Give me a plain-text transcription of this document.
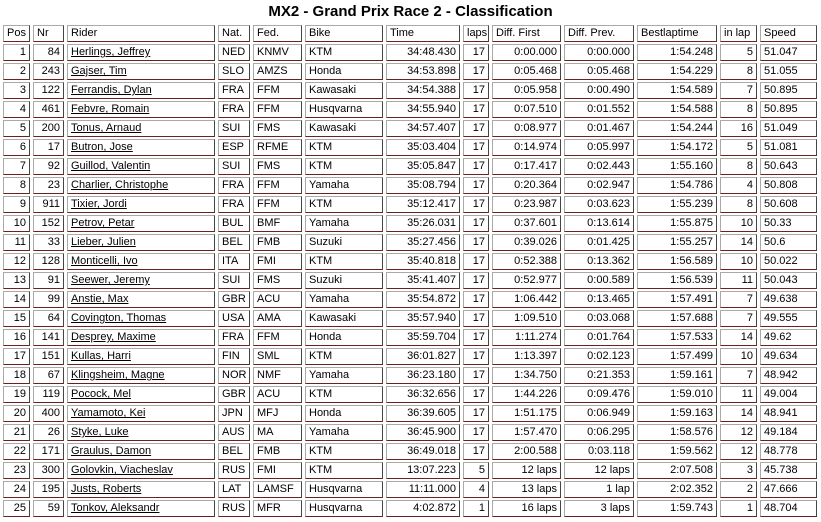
MX2 - Grand Prix Race 2 - Classification
Pos	Nr	Rider	Nat.	Fed.	Bike	Time	laps	Diff. First	Diff. Prev.	Bestlaptime	in lap	Speed
1	84	Herlings, Jeffrey	NED	KNMV	KTM	34:48.430	17	0:00.000	0:00.000	1:54.248	5	51.047
2	243	Gajser, Tim	SLO	AMZS	Honda	34:53.898	17	0:05.468	0:05.468	1:54.229	8	51.055
3	122	Ferrandis, Dylan	FRA	FFM	Kawasaki	34:54.388	17	0:05.958	0:00.490	1:54.589	7	50.895
4	461	Febvre, Romain	FRA	FFM	Husqvarna	34:55.940	17	0:07.510	0:01.552	1:54.588	8	50.895
5	200	Tonus, Arnaud	SUI	FMS	Kawasaki	34:57.407	17	0:08.977	0:01.467	1:54.244	16	51.049
6	17	Butron, Jose	ESP	RFME	KTM	35:03.404	17	0:14.974	0:05.997	1:54.172	5	51.081
7	92	Guillod, Valentin	SUI	FMS	KTM	35:05.847	17	0:17.417	0:02.443	1:55.160	8	50.643
8	23	Charlier, Christophe	FRA	FFM	Yamaha	35:08.794	17	0:20.364	0:02.947	1:54.786	4	50.808
9	911	Tixier, Jordi	FRA	FFM	KTM	35:12.417	17	0:23.987	0:03.623	1:55.239	8	50.608
10	152	Petrov, Petar	BUL	BMF	Yamaha	35:26.031	17	0:37.601	0:13.614	1:55.875	10	50.33
11	33	Lieber, Julien	BEL	FMB	Suzuki	35:27.456	17	0:39.026	0:01.425	1:55.257	14	50.6
12	128	Monticelli, Ivo	ITA	FMI	KTM	35:40.818	17	0:52.388	0:13.362	1:56.589	10	50.022
13	91	Seewer, Jeremy	SUI	FMS	Suzuki	35:41.407	17	0:52.977	0:00.589	1:56.539	11	50.043
14	99	Anstie, Max	GBR	ACU	Yamaha	35:54.872	17	1:06.442	0:13.465	1:57.491	7	49.638
15	64	Covington, Thomas	USA	AMA	Kawasaki	35:57.940	17	1:09.510	0:03.068	1:57.688	7	49.555
16	141	Desprey, Maxime	FRA	FFM	Honda	35:59.704	17	1:11.274	0:01.764	1:57.533	14	49.62
17	151	Kullas, Harri	FIN	SML	KTM	36:01.827	17	1:13.397	0:02.123	1:57.499	10	49.634
18	67	Klingsheim, Magne	NOR	NMF	Yamaha	36:23.180	17	1:34.750	0:21.353	1:59.161	7	48.942
19	119	Pocock, Mel	GBR	ACU	KTM	36:32.656	17	1:44.226	0:09.476	1:59.010	11	49.004
20	400	Yamamoto, Kei	JPN	MFJ	Honda	36:39.605	17	1:51.175	0:06.949	1:59.163	14	48.941
21	26	Styke, Luke	AUS	MA	Yamaha	36:45.900	17	1:57.470	0:06.295	1:58.576	12	49.184
22	171	Graulus, Damon	BEL	FMB	KTM	36:49.018	17	2:00.588	0:03.118	1:59.562	12	48.778
23	300	Golovkin, Viacheslav	RUS	FMI	KTM	13:07.223	5	12 laps	12 laps	2:07.508	3	45.738
24	195	Justs, Roberts	LAT	LAMSF	Husqvarna	11:11.000	4	13 laps	1 lap	2:02.352	2	47.666
25	59	Tonkov, Aleksandr	RUS	MFR	Husqvarna	4:02.872	1	16 laps	3 laps	1:59.743	1	48.704
